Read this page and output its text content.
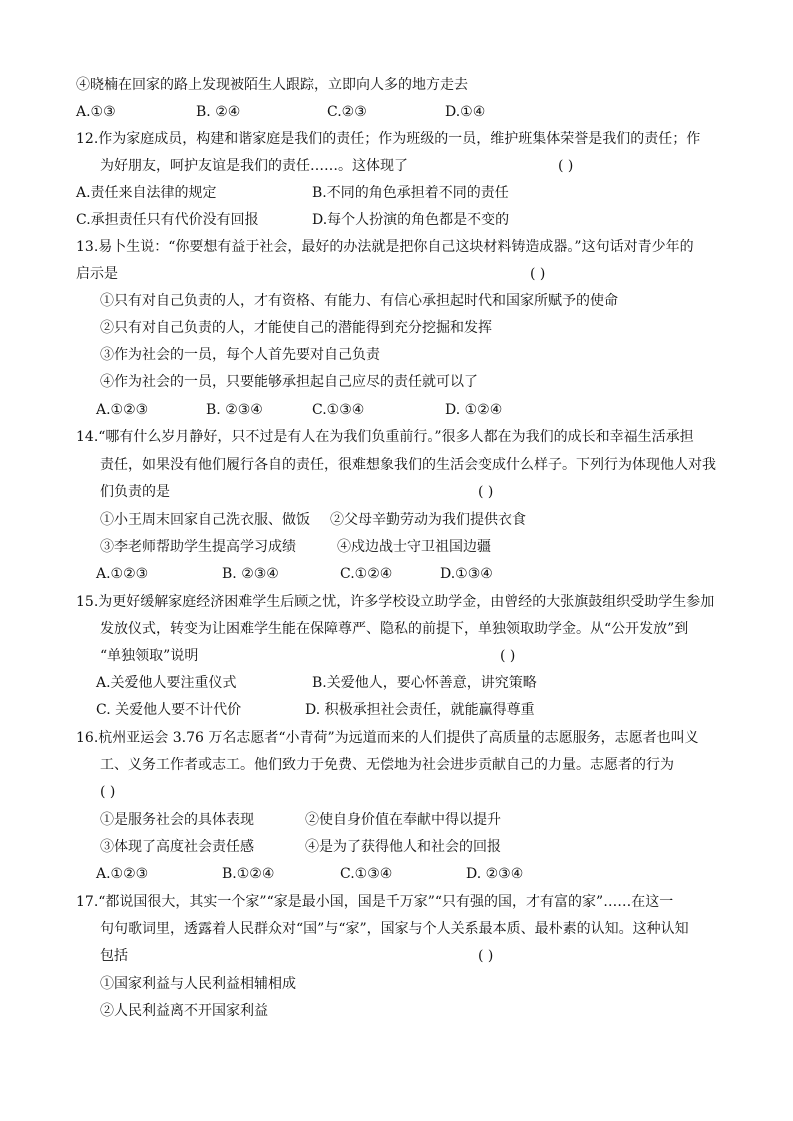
④晓楠在回家的路上发现被陌生人跟踪，立即向人多的地方走去
A.①③	B. ②④	C.②③	D.①④
12.作为家庭成员，构建和谐家庭是我们的责任；作为班级的一员，维护班集体荣誉是我们的责任；作
为好朋友，呵护友谊是我们的责任……。这体现了	( )
A.责任来自法律的规定	B.不同的角色承担着不同的责任
C.承担责任只有代价没有回报	D.每个人扮演的角色都是不变的
13.易卜生说：“你要想有益于社会，最好的办法就是把你自己这块材料铸造成器。”这句话对青少年的
启示是	( )
①只有对自己负责的人，才有资格、有能力、有信心承担起时代和国家所赋予的使命
②只有对自己负责的人，才能使自己的潜能得到充分挖掘和发挥
③作为社会的一员，每个人首先要对自己负责
④作为社会的一员，只要能够承担起自己应尽的责任就可以了
A.①②③	B. ②③④	C.①③④	D. ①②④
14.“哪有什么岁月静好，只不过是有人在为我们负重前行。”很多人都在为我们的成长和幸福生活承担
责任，如果没有他们履行各自的责任，很难想象我们的生活会变成什么样子。下列行为体现他人对我
们负责的是	( )
①小王周末回家自己洗衣服、做饭 ②父母辛勤劳动为我们提供衣食
③李老师帮助学生提高学习成绩	④戍边战士守卫祖国边疆
A.①②③	B. ②③④	C.①②④	D.①③④
15.为更好缓解家庭经济困难学生后顾之忧，许多学校设立助学金，由曾经的大张旗鼓组织受助学生参加
发放仪式，转变为让困难学生能在保障尊严、隐私的前提下，单独领取助学金。从“公开发放”到
“单独领取”说明	( )
A.关爱他人要注重仪式	B.关爱他人，要心怀善意，讲究策略
C. 关爱他人要不计代价	D. 积极承担社会责任，就能赢得尊重
16.杭州亚运会 3.76 万名志愿者“小青荷”为远道而来的人们提供了高质量的志愿服务，志愿者也叫义
工、义务工作者或志工。他们致力于免费、无偿地为社会进步贡献自己的力量。志愿者的行为
( )
①是服务社会的具体表现	②使自身价值在奉献中得以提升
③体现了高度社会责任感	④是为了获得他人和社会的回报
A.①②③	B.①②④	C.①③④	D. ②③④
17.“都说国很大，其实一个家”“家是最小国，国是千万家”“只有强的国，才有富的家”……在这一
句句歌词里，透露着人民群众对“国”与“家”，国家与个人关系最本质、最朴素的认知。这种认知
包括	( )
①国家利益与人民利益相辅相成
②人民利益离不开国家利益
